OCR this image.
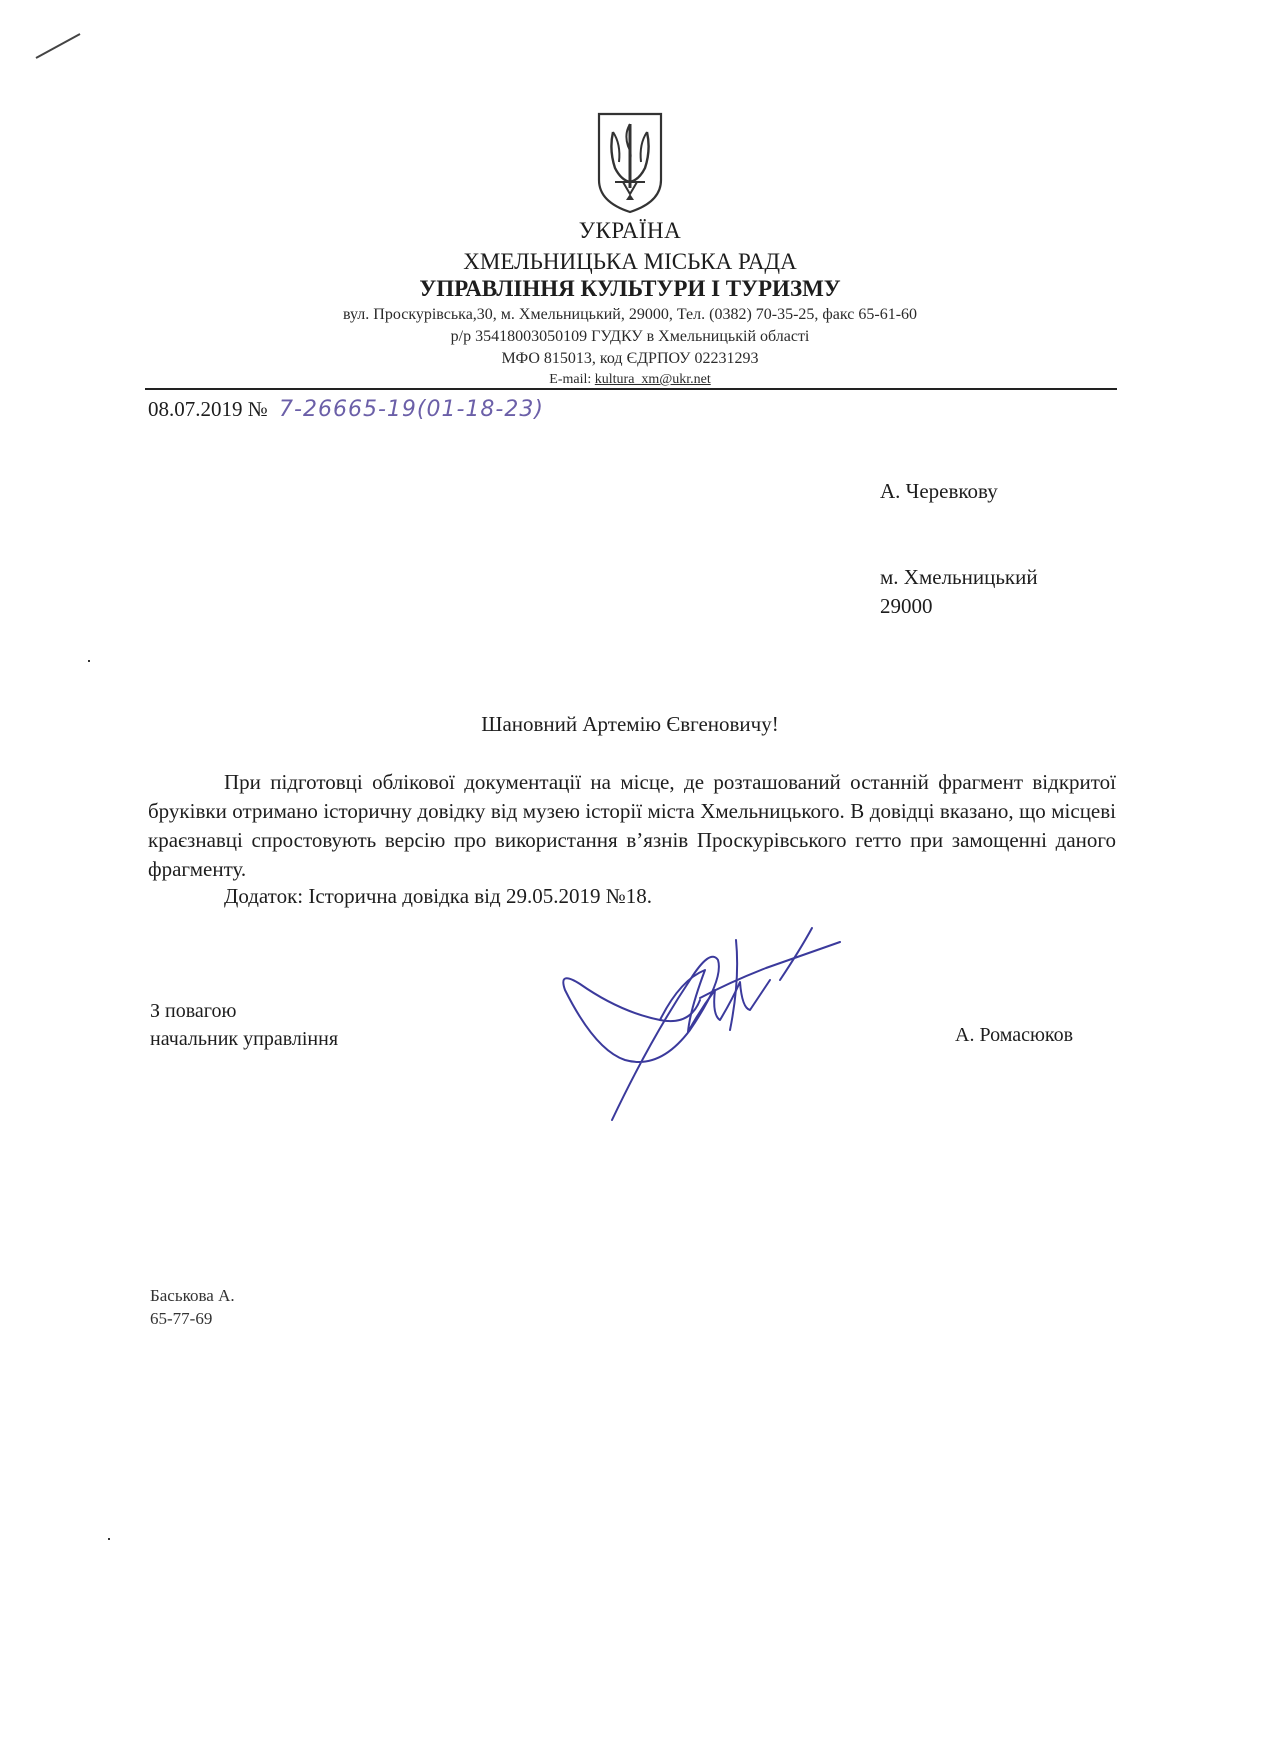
УКРАЇНА
ХМЕЛЬНИЦЬКА МІСЬКА РАДА
УПРАВЛІННЯ КУЛЬТУРИ І ТУРИЗМУ
вул. Проскурівська,30, м. Хмельницький, 29000, Тел. (0382) 70-35-25, факс 65-61-60
р/р 35418003050109 ГУДКУ в Хмельницькій області
МФО 815013, код ЄДРПОУ 02231293
E-mail: kultura_xm@ukr.net
08.07.2019 № 7-26665-19(01-18-23)
А. Черевкову
м. Хмельницький
29000
Шановний Артемію Євгеновичу!
При підготовці облікової документації на місце, де розташований останній фрагмент відкритої бруківки отримано історичну довідку від музею історії міста Хмельницького. В довідці вказано, що місцеві краєзнавці спростовують версію про використання в’язнів Проскурівського гетто при замощенні даного фрагменту.
Додаток: Історична довідка від 29.05.2019 №18.
З повагою
начальник управління	А. Ромасюков
Баськова А.
65-77-69
